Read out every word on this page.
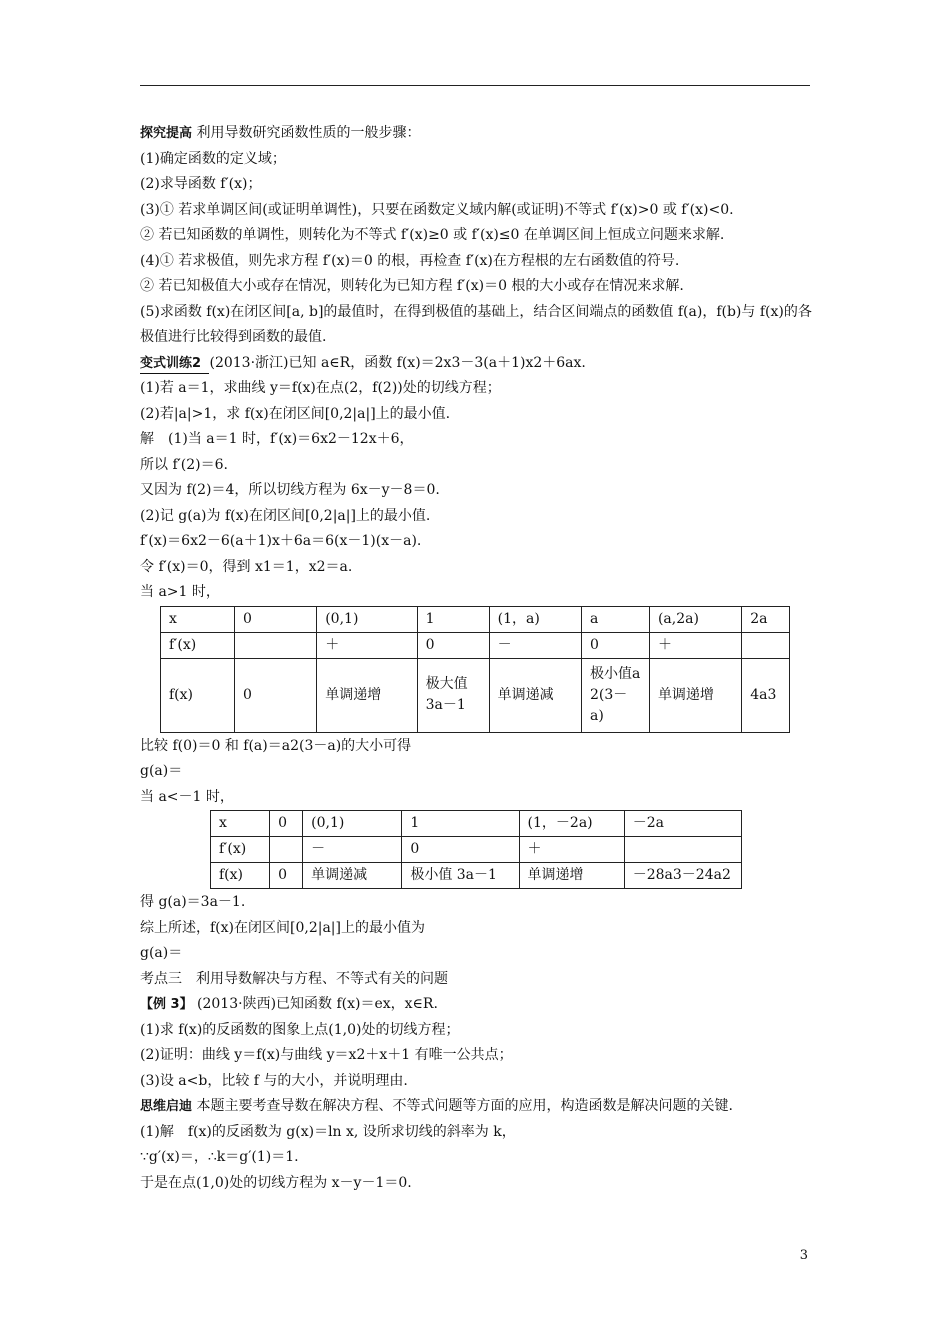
探究提高 利用导数研究函数性质的一般步骤：
(1)确定函数的定义域；
(2)求导函数 f′(x)；
(3)① 若求单调区间(或证明单调性)，只要在函数定义域内解(或证明)不等式 f′(x)>0 或 f′(x)<0.
② 若已知函数的单调性，则转化为不等式 f′(x)≥0 或 f′(x)≤0 在单调区间上恒成立问题来求解.
(4)① 若求极值，则先求方程 f′(x)＝0 的根，再检查 f′(x)在方程根的左右函数值的符号.
② 若已知极值大小或存在情况，则转化为已知方程 f′(x)＝0 根的大小或存在情况来求解.
(5)求函数 f(x)在闭区间[a, b]的最值时，在得到极值的基础上，结合区间端点的函数值 f(a)，f(b)与 f(x)的各极值进行比较得到函数的最值.
变式训练2 (2013·浙江)已知 a∈R，函数 f(x)＝2x3－3(a＋1)x2＋6ax.
(1)若 a＝1，求曲线 y＝f(x)在点(2，f(2))处的切线方程；
(2)若|a|>1，求 f(x)在闭区间[0,2|a|]上的最小值.
解　(1)当 a＝1 时，f′(x)＝6x2－12x＋6，
所以 f′(2)＝6.
又因为 f(2)＝4，所以切线方程为 6x－y－8＝0.
(2)记 g(a)为 f(x)在闭区间[0,2|a|]上的最小值.
f′(x)＝6x2－6(a＋1)x＋6a＝6(x－1)(x－a).
令 f′(x)＝0，得到 x1＝1，x2＝a.
当 a>1 时，
x	0	(0,1)	1	(1，a)	a	(a,2a)	2a
f′(x)		＋	0	－	0	＋	
f(x)	0	单调递增	极大值3a－1	单调递减	极小值a2(3－a)	单调递增	4a3
比较 f(0)＝0 和 f(a)＝a2(3－a)的大小可得
g(a)＝
当 a<－1 时，
x	0	(0,1)	1	(1，－2a)	－2a
f′(x)		－	0	＋	
f(x)	0	单调递减	极小值 3a－1	单调递增	－28a3－24a2
得 g(a)＝3a－1.
综上所述，f(x)在闭区间[0,2|a|]上的最小值为
g(a)＝
考点三　利用导数解决与方程、不等式有关的问题
【例 3】 (2013·陕西)已知函数 f(x)＝ex，x∈R.
(1)求 f(x)的反函数的图象上点(1,0)处的切线方程；
(2)证明：曲线 y＝f(x)与曲线 y＝x2＋x＋1 有唯一公共点；
(3)设 a<b，比较 f 与的大小，并说明理由.
思维启迪 本题主要考查导数在解决方程、不等式问题等方面的应用，构造函数是解决问题的关键.
(1)解　f(x)的反函数为 g(x)＝ln x, 设所求切线的斜率为 k，
∵g′(x)＝，∴k＝g′(1)＝1.
于是在点(1,0)处的切线方程为 x－y－1＝0.
3
